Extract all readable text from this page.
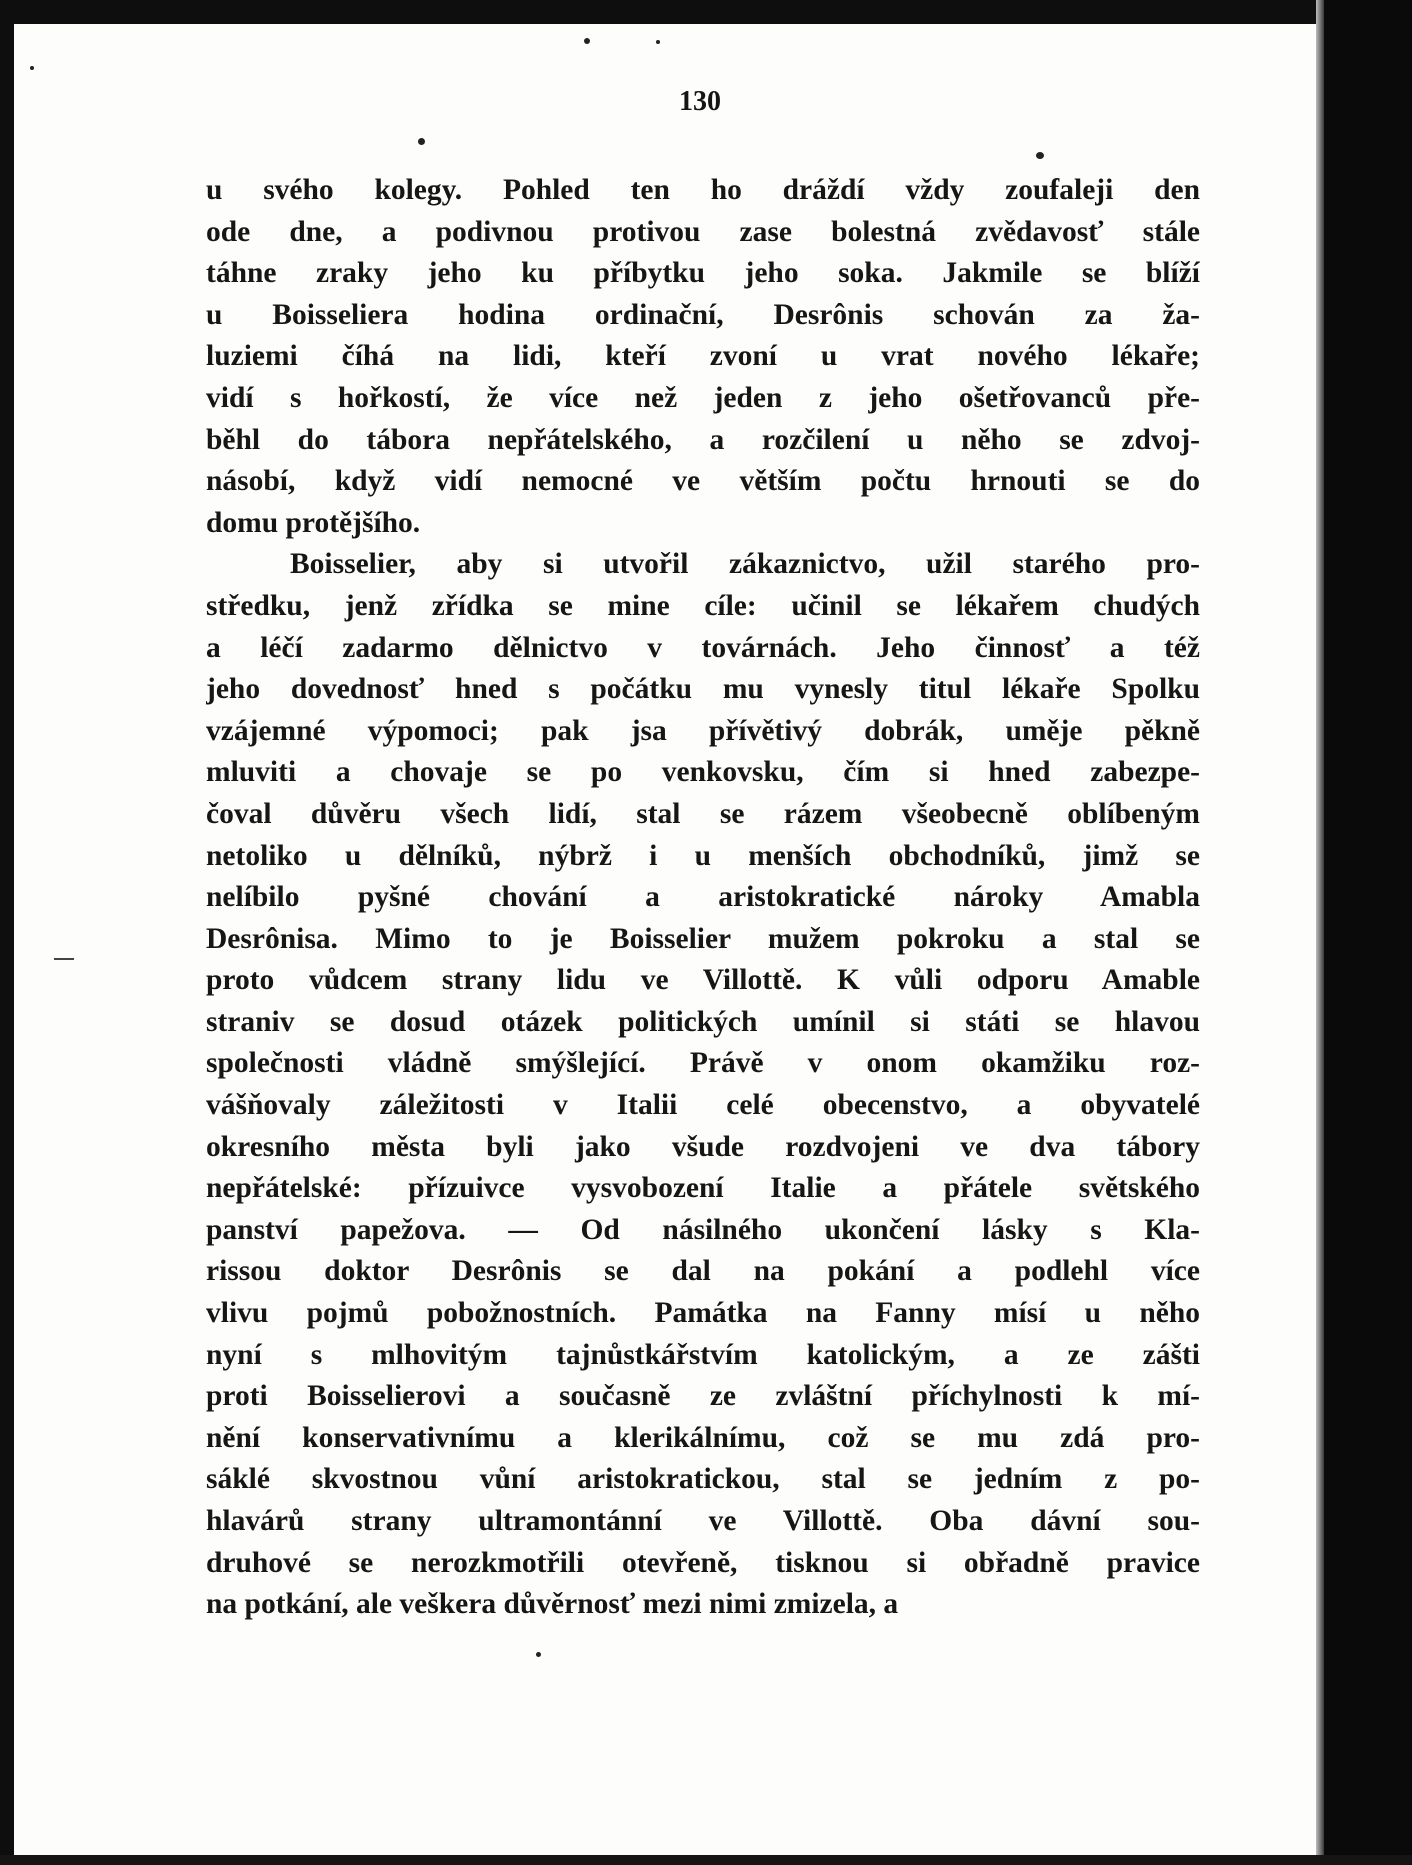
130
u svého kolegy. Pohled ten ho dráždí vždy zoufaleji den
ode dne, a podivnou protivou zase bolestná zvědavosť stále
táhne zraky jeho ku příbytku jeho soka. Jakmile se blíží
u Boisseliera hodina ordinační, Desrônis schován za ža-
luziemi číhá na lidi, kteří zvoní u vrat nového lékaře;
vidí s hořkostí, že více než jeden z jeho ošetřovanců pře-
běhl do tábora nepřátelského, a rozčilení u něho se zdvoj-
násobí, když vidí nemocné ve větším počtu hrnouti se do
domu protějšího.
Boisselier, aby si utvořil zákaznictvo, užil starého pro-
středku, jenž zřídka se mine cíle: učinil se lékařem chudých
a léčí zadarmo dělnictvo v továrnách. Jeho činnosť a též
jeho dovednosť hned s počátku mu vynesly titul lékaře Spolku
vzájemné výpomoci; pak jsa přívětivý dobrák, uměje pěkně
mluviti a chovaje se po venkovsku, čím si hned zabezpe-
čoval důvěru všech lidí, stal se rázem všeobecně oblíbeným
netoliko u dělníků, nýbrž i u menších obchodníků, jimž se
nelíbilo pyšné chování a aristokratické nároky Amabla
Desrônisa. Mimo to je Boisselier mužem pokroku a stal se
proto vůdcem strany lidu ve Villottě. K vůli odporu Amable
straniv se dosud otázek politických umínil si státi se hlavou
společnosti vládně smýšlející. Právě v onom okamžiku roz-
vášňovaly záležitosti v Italii celé obecenstvo, a obyvatelé
okresního města byli jako všude rozdvojeni ve dva tábory
nepřátelské: přízuivce vysvobození Italie a přátele světského
panství papežova. — Od násilného ukončení lásky s Kla-
rissou doktor Desrônis se dal na pokání a podlehl více
vlivu pojmů pobožnostních. Památka na Fanny mísí u něho
nyní s mlhovitým tajnůstkářstvím katolickým, a ze zášti
proti Boisselierovi a současně ze zvláštní příchylnosti k mí-
nění konservativnímu a klerikálnímu, což se mu zdá pro-
sáklé skvostnou vůní aristokratickou, stal se jedním z po-
hlavárů strany ultramontánní ve Villottě. Oba dávní sou-
druhové se nerozkmotřili otevřeně, tisknou si obřadně pravice
na potkání, ale veškera důvěrnosť mezi nimi zmizela, a
